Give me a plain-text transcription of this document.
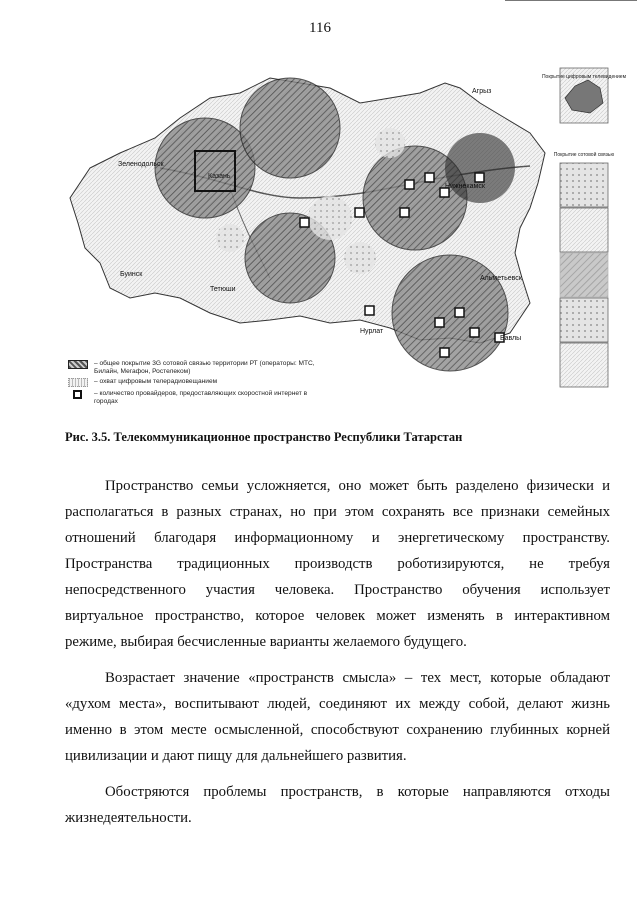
116
Зеленодольск
Казань
Агрыз
Нижнекамск
Альметьевск
Буинск
Тетюши
Нурлат
Бавлы
Покрытие цифровым телевидением
Покрытие сотовой связью
– общее покрытие 3G сотовой связью территории РТ (операторы: МТС, Билайн, Мегафон, Ростелеком)
– охват цифровым телерадиовещанием
– количество провайдеров, предоставляющих скоростной интернет в городах
Рис. 3.5. Телекоммуникационное пространство Республики Татарстан

Пространство семьи усложняется, оно может быть разделено физически и располагаться в разных странах, но при этом сохранять все признаки семейных отношений благодаря информационному и энергетическому пространству. Пространства традиционных производств роботизируются, не требуя непосредственного участия человека. Пространство обучения использует виртуальное пространство, которое человек может изменять в интерактивном режиме, выбирая бесчисленные варианты желаемого будущего.

Возрастает значение «пространств смысла» – тех мест, которые обладают «духом места», воспитывают людей, соединяют их между собой, делают жизнь именно в этом месте осмысленной, способствуют сохранению глубинных корней цивилизации и дают пищу для дальнейшего развития.

Обостряются проблемы пространств, в которые направляются отходы жизнедеятельности.
